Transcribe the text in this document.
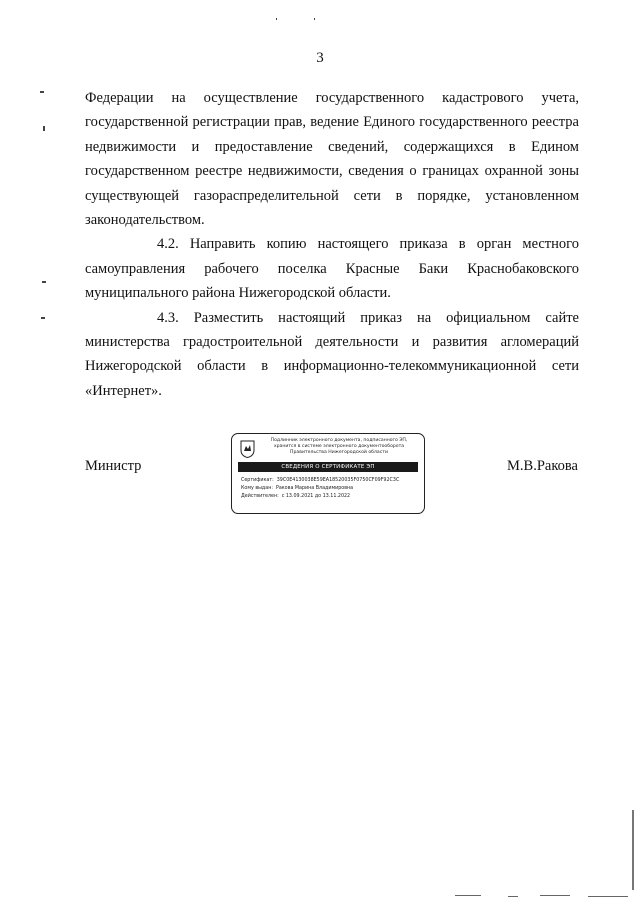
3

Федерации на осуществление государственного кадастрового учета, государственной регистрации прав, ведение Единого государственного реестра недвижимости и предоставление сведений, содержащихся в Едином государственном реестре недвижимости, сведения о границах охранной зоны существующей газораспределительной сети в порядке, установленном законодательством.

4.2. Направить копию настоящего приказа в орган местного самоуправления рабочего поселка Красные Баки Краснобаковского муниципального района Нижегородской области.

4.3. Разместить настоящий приказ на официальном сайте министерства градостроительной деятельности и развития агломераций Нижегородской области в информационно-телекоммуникационной сети «Интернет».

Министр	М.В.Ракова
Подлинник электронного документа, подписанного ЭП,
хранится в системе электронного документооборота
Правительства Нижегородской области
СВЕДЕНИЯ О СЕРТИФИКАТЕ ЭП
Сертификат: 39C0E4130038E59EA18520035F0750CF09F92C3C
Кому выдан: Ракова Марина Владимировна
Действителен: с 13.09.2021 до 13.11.2022
